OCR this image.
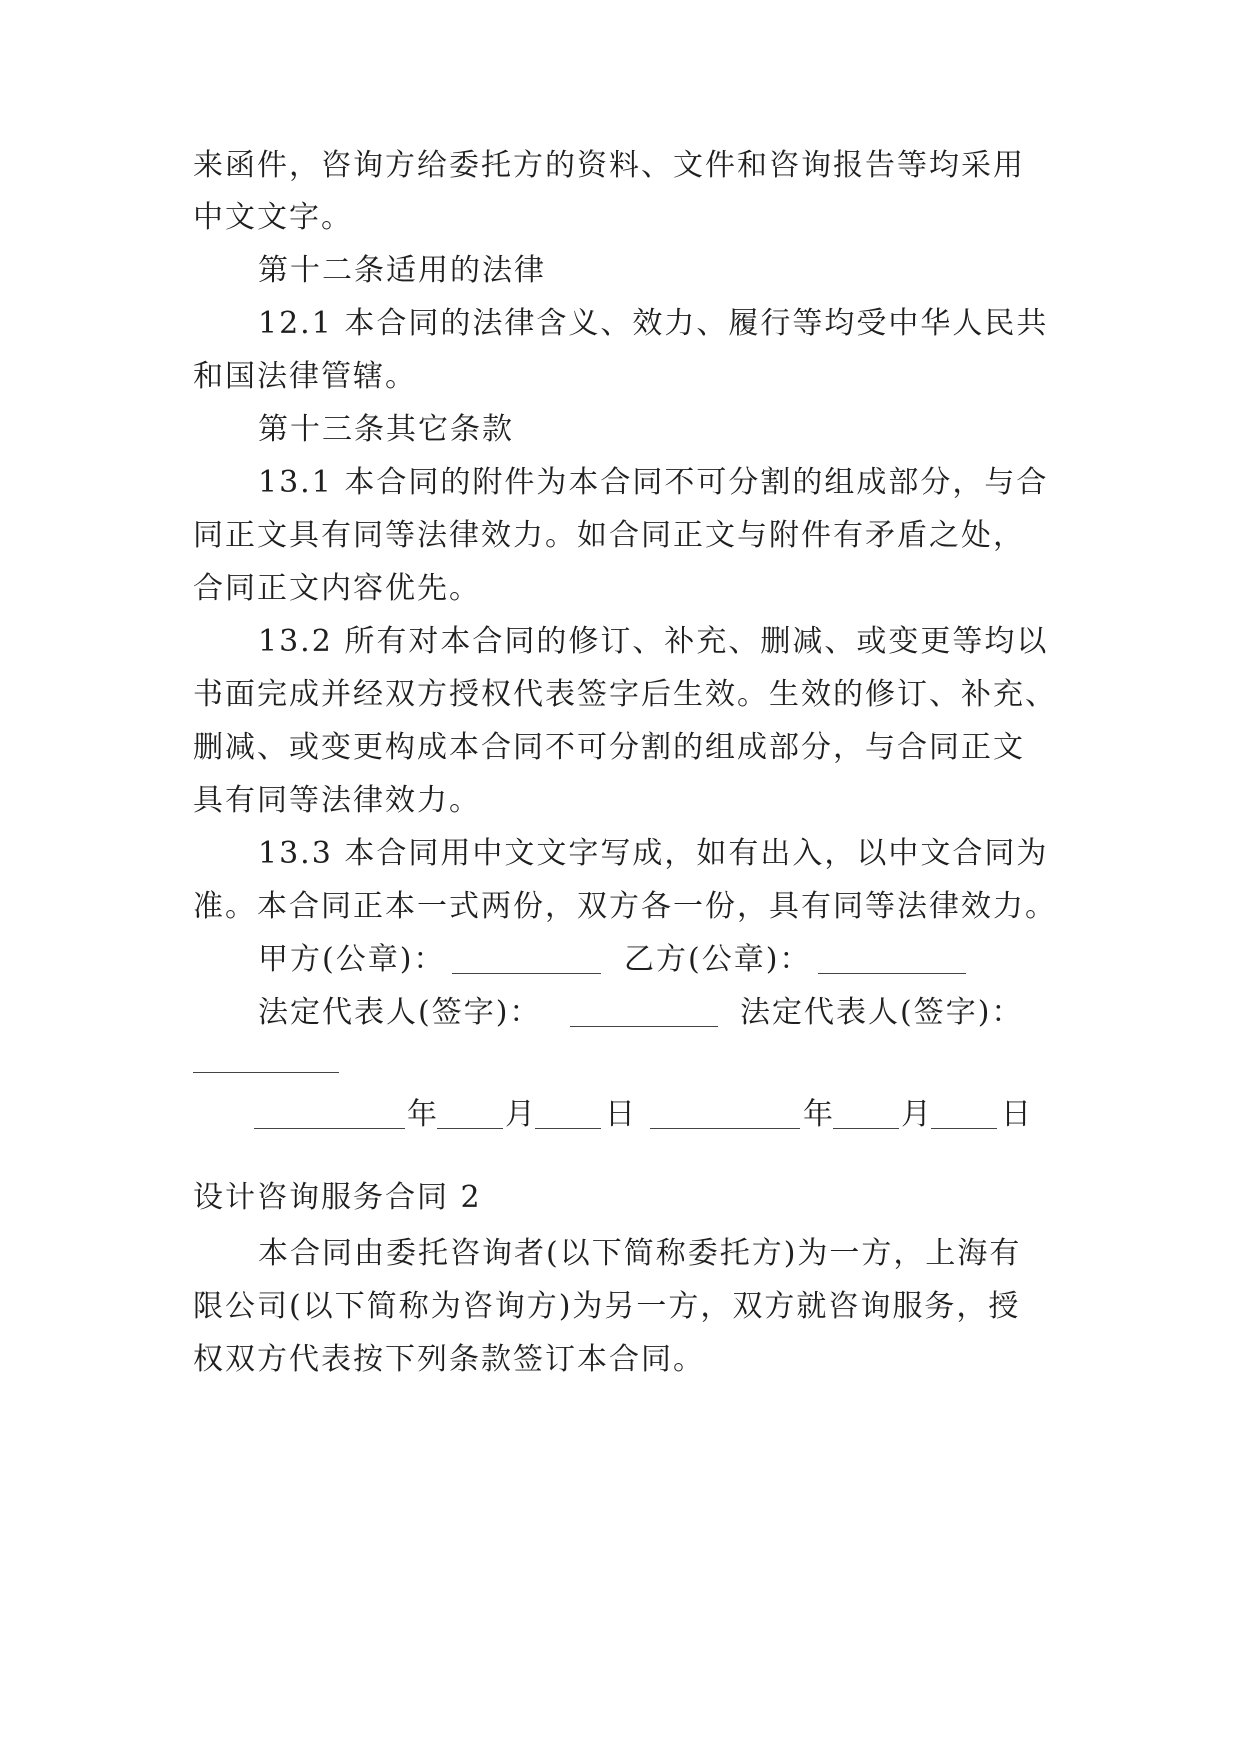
来函件，咨询方给委托方的资料、文件和咨询报告等均采用
中文文字。
第十二条适用的法律
12.1 本合同的法律含义、效力、履行等均受中华人民共
和国法律管辖。
第十三条其它条款
13.1 本合同的附件为本合同不可分割的组成部分，与合
同正文具有同等法律效力。如合同正文与附件有矛盾之处，
合同正文内容优先。
13.2 所有对本合同的修订、补充、删减、或变更等均以
书面完成并经双方授权代表签字后生效。生效的修订、补充、
删减、或变更构成本合同不可分割的组成部分，与合同正文
具有同等法律效力。
13.3 本合同用中文文字写成，如有出入，以中文合同为
准。本合同正本一式两份，双方各一份，具有同等法律效力。
甲方(公章)：	乙方(公章)：
法定代表人(签字)：	法定代表人(签字)：
年 月 日	年 月 日
设计咨询服务合同 2
本合同由委托咨询者(以下简称委托方)为一方，上海有
限公司(以下简称为咨询方)为另一方，双方就咨询服务，授
权双方代表按下列条款签订本合同。
